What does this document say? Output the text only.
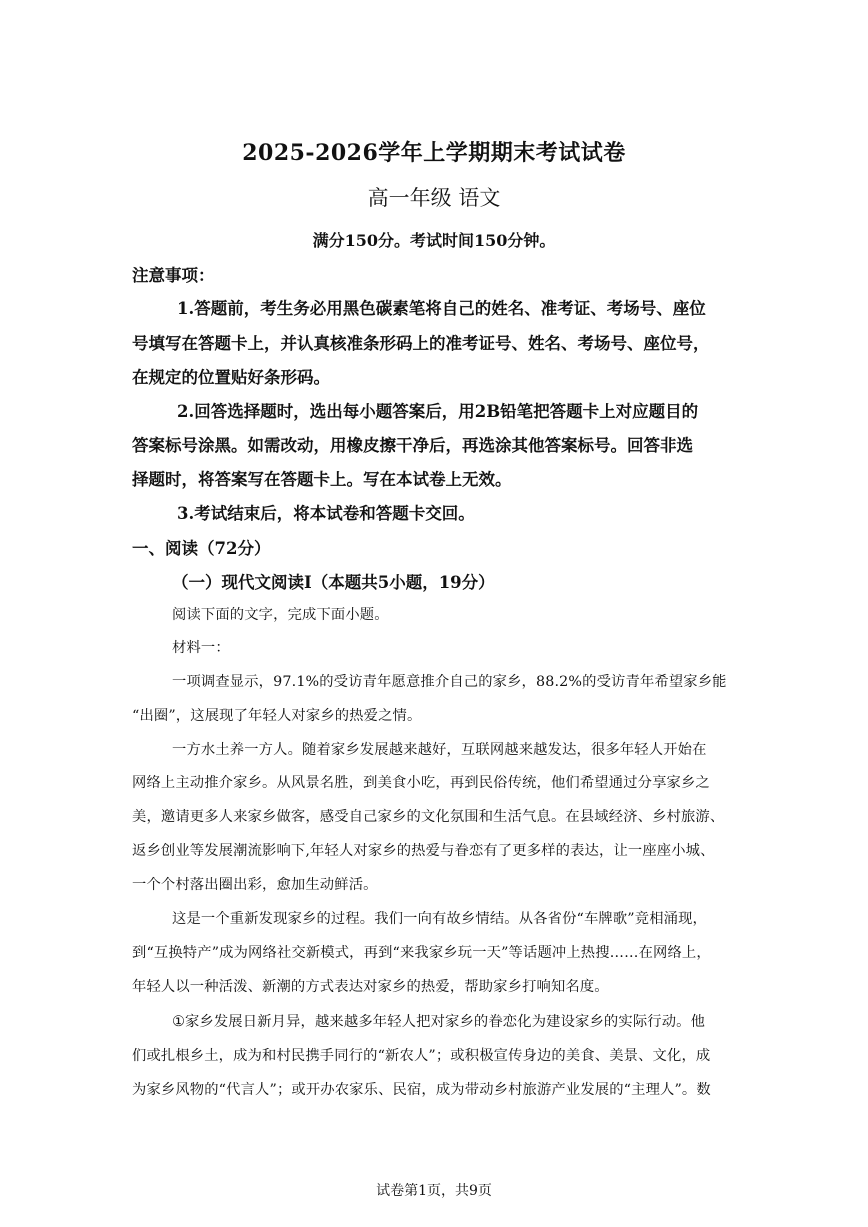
2025-2026学年上学期期末考试试卷
高一年级 语文
满分150分。考试时间150分钟。
注意事项：
1.答题前，考生务必用黑色碳素笔将自己的姓名、准考证、考场号、座位
号填写在答题卡上，并认真核准条形码上的准考证号、姓名、考场号、座位号，
在规定的位置贴好条形码。
2.回答选择题时，选出每小题答案后，用2B铅笔把答题卡上对应题目的
答案标号涂黑。如需改动，用橡皮擦干净后，再选涂其他答案标号。回答非选
择题时，将答案写在答题卡上。写在本试卷上无效。
3.考试结束后，将本试卷和答题卡交回。
一、阅读（72分）
（一）现代文阅读I（本题共5小题，19分）
阅读下面的文字，完成下面小题。
材料一：
一项调查显示，97.1%的受访青年愿意推介自己的家乡，88.2%的受访青年希望家乡能
“出圈”，这展现了年轻人对家乡的热爱之情。
一方水土养一方人。随着家乡发展越来越好，互联网越来越发达，很多年轻人开始在
网络上主动推介家乡。从风景名胜，到美食小吃，再到民俗传统，他们希望通过分享家乡之
美，邀请更多人来家乡做客，感受自己家乡的文化氛围和生活气息。在县域经济、乡村旅游、
返乡创业等发展潮流影响下,年轻人对家乡的热爱与眷恋有了更多样的表达，让一座座小城、
一个个村落出圈出彩，愈加生动鲜活。
这是一个重新发现家乡的过程。我们一向有故乡情结。从各省份“车牌歌”竞相涌现，
到“互换特产”成为网络社交新模式，再到“来我家乡玩一天”等话题冲上热搜……在网络上，
年轻人以一种活泼、新潮的方式表达对家乡的热爱，帮助家乡打响知名度。
①家乡发展日新月异，越来越多年轻人把对家乡的眷恋化为建设家乡的实际行动。他
们或扎根乡土，成为和村民携手同行的“新农人”；或积极宣传身边的美食、美景、文化，成
为家乡风物的“代言人”；或开办农家乐、民宿，成为带动乡村旅游产业发展的“主理人”。数
试卷第1页，共9页
